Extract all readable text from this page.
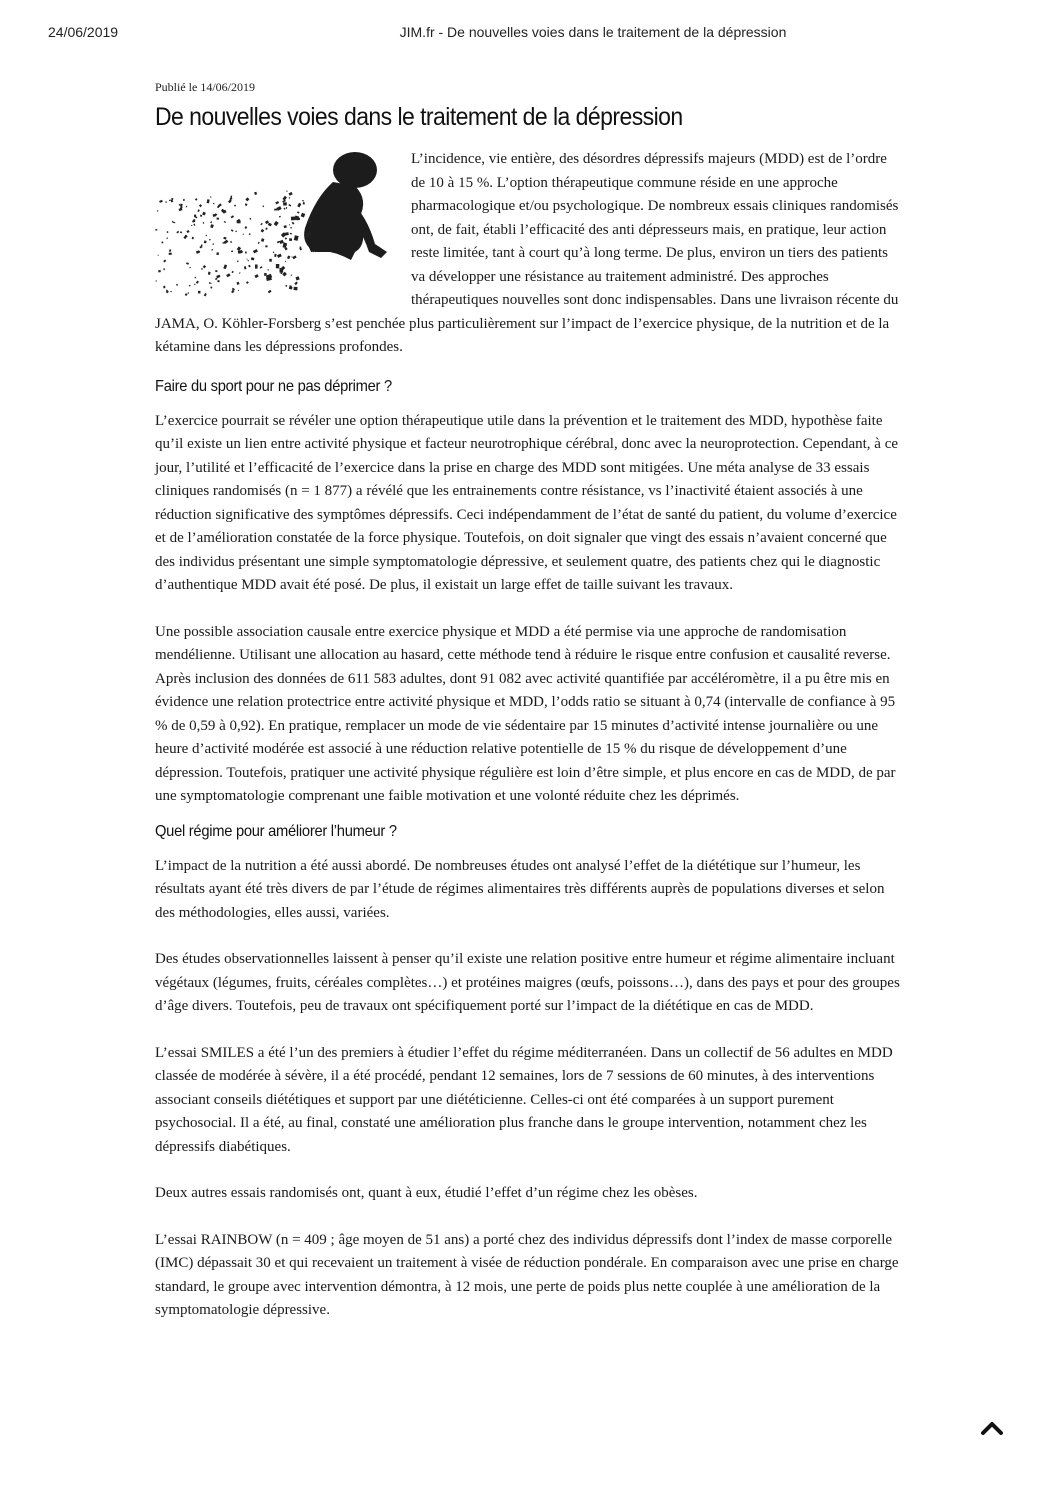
24/06/2019	JIM.fr - De nouvelles voies dans le traitement de la dépression
Publié le 14/06/2019
De nouvelles voies dans le traitement de la dépression

L’incidence, vie entière, des désordres dépressifs majeurs (MDD) est de l’ordre de 10 à 15 %. L’option thérapeutique commune réside en une approche pharmacologique et/ou psychologique. De nombreux essais cliniques randomisés ont, de fait, établi l’efficacité des anti dépresseurs mais, en pratique, leur action reste limitée, tant à court qu’à long terme. De plus, environ un tiers des patients va développer une résistance au traitement administré. Des approches thérapeutiques nouvelles sont donc indispensables. Dans une livraison récente du JAMA, O. Köhler-Forsberg s’est penchée plus particulièrement sur l’impact de l’exercice physique, de la nutrition et de la kétamine dans les dépressions profondes.

Faire du sport pour ne pas déprimer ?

L’exercice pourrait se révéler une option thérapeutique utile dans la prévention et le traitement des MDD, hypothèse faite qu’il existe un lien entre activité physique et facteur neurotrophique cérébral, donc avec la neuroprotection. Cependant, à ce jour, l’utilité et l’efficacité de l’exercice dans la prise en charge des MDD sont mitigées. Une méta analyse de 33 essais cliniques randomisés (n = 1 877) a révélé que les entrainements contre résistance, vs l’inactivité étaient associés à une réduction significative des symptômes dépressifs. Ceci indépendamment de l’état de santé du patient, du volume d’exercice et de l’amélioration constatée de la force physique. Toutefois, on doit signaler que vingt des essais n’avaient concerné que des individus présentant une simple symptomatologie dépressive, et seulement quatre, des patients chez qui le diagnostic d’authentique MDD avait été posé. De plus, il existait un large effet de taille suivant les travaux.

Une possible association causale entre exercice physique et MDD a été permise via une approche de randomisation mendélienne. Utilisant une allocation au hasard, cette méthode tend à réduire le risque entre confusion et causalité reverse. Après inclusion des données de 611 583 adultes, dont 91 082 avec activité quantifiée par accéléromètre, il a pu être mis en évidence une relation protectrice entre activité physique et MDD, l’odds ratio se situant à 0,74 (intervalle de confiance à 95 % de 0,59 à 0,92). En pratique, remplacer un mode de vie sédentaire par 15 minutes d’activité intense journalière ou une heure d’activité modérée est associé à une réduction relative potentielle de 15 % du risque de développement d’une dépression. Toutefois, pratiquer une activité physique régulière est loin d’être simple, et plus encore en cas de MDD, de par une symptomatologie comprenant une faible motivation et une volonté réduite chez les déprimés.

Quel régime pour améliorer l’humeur ?

L’impact de la nutrition a été aussi abordé. De nombreuses études ont analysé l’effet de la diététique sur l’humeur, les résultats ayant été très divers de par l’étude de régimes alimentaires très différents auprès de populations diverses et selon des méthodologies, elles aussi, variées.

Des études observationnelles laissent à penser qu’il existe une relation positive entre humeur et régime alimentaire incluant végétaux (légumes, fruits, céréales complètes…) et protéines maigres (œufs, poissons…), dans des pays et pour des groupes d’âge divers. Toutefois, peu de travaux ont spécifiquement porté sur l’impact de la diététique en cas de MDD.

L’essai SMILES a été l’un des premiers à étudier l’effet du régime méditerranéen. Dans un collectif de 56 adultes en MDD classée de modérée à sévère, il a été procédé, pendant 12 semaines, lors de 7 sessions de 60 minutes, à des interventions associant conseils diététiques et support par une diététicienne. Celles-ci ont été comparées à un support purement psychosocial. Il a été, au final, constaté une amélioration plus franche dans le groupe intervention, notamment chez les dépressifs diabétiques.

Deux autres essais randomisés ont, quant à eux, étudié l’effet d’un régime chez les obèses.

L’essai RAINBOW (n = 409 ; âge moyen de 51 ans) a porté chez des individus dépressifs dont l’index de masse corporelle (IMC) dépassait 30 et qui recevaient un traitement à visée de réduction pondérale. En comparaison avec une prise en charge standard, le groupe avec intervention démontra, à 12 mois, une perte de poids plus nette couplée à une amélioration de la symptomatologie dépressive.
